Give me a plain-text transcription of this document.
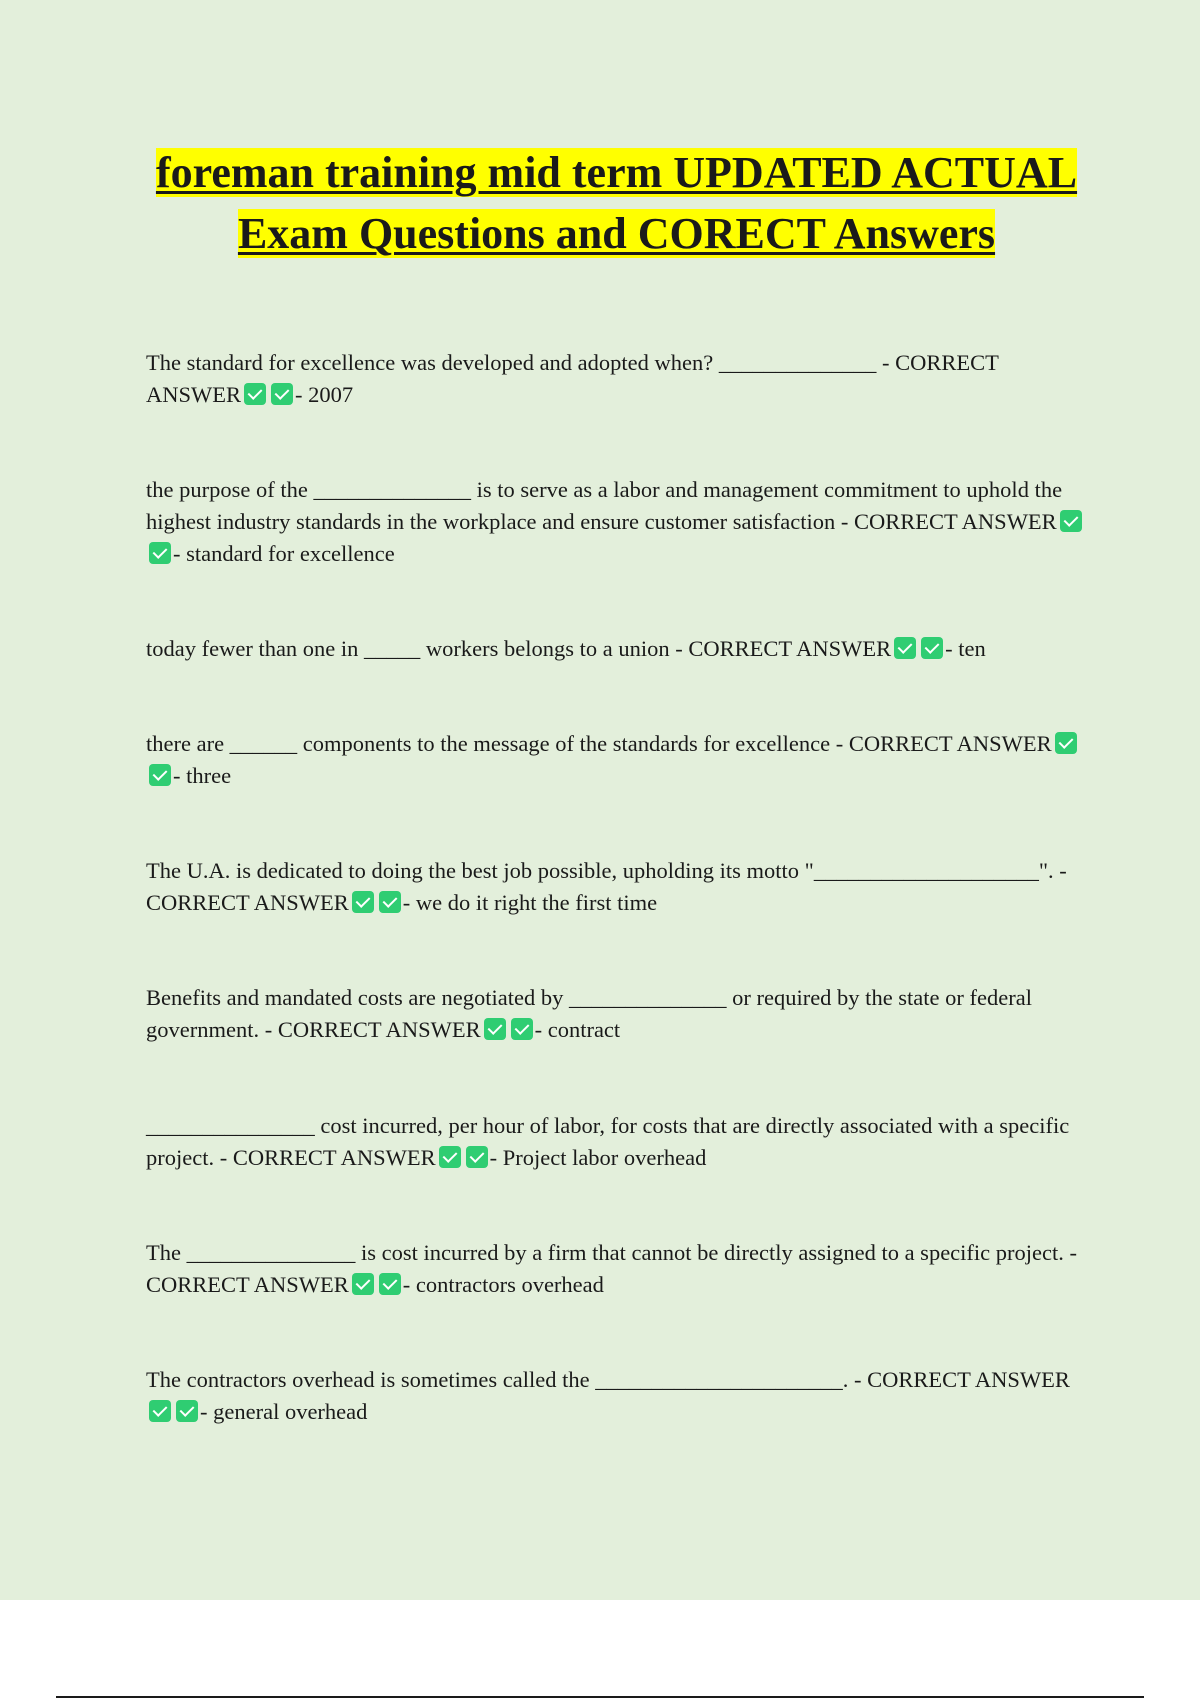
foreman training mid term UPDATED ACTUAL Exam Questions and CORECT Answers

The standard for excellence was developed and adopted when? ______________ - CORRECT ANSWER - 2007

the purpose of the ______________ is to serve as a labor and management commitment to uphold the highest industry standards in the workplace and ensure customer satisfaction - CORRECT ANSWER- standard for excellence

today fewer than one in _____ workers belongs to a union - CORRECT ANSWER - ten

there are ______ components to the message of the standards for excellence - CORRECT ANSWER- three

The U.A. is dedicated to doing the best job possible, upholding its motto "____________________". - CORRECT ANSWER - we do it right the first time

Benefits and mandated costs are negotiated by ______________ or required by the state or federal government. - CORRECT ANSWER - contract

_______________ cost incurred, per hour of labor, for costs that are directly associated with a specific project. - CORRECT ANSWER - Project labor overhead

The _______________ is cost incurred by a firm that cannot be directly assigned to a specific project. - CORRECT ANSWER - contractors overhead

The contractors overhead is sometimes called the ______________________. - CORRECT ANSWER- general overhead
